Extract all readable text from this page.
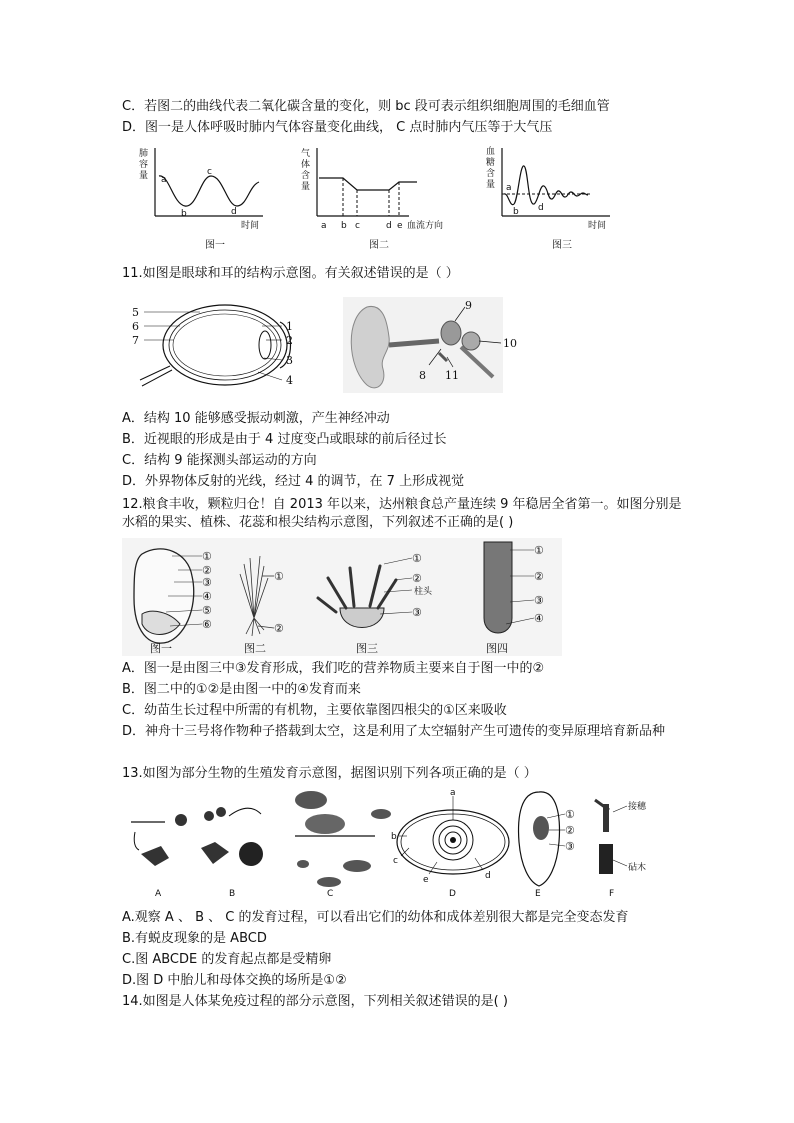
C．若图二的曲线代表二氧化碳含量的变化，则 bc 段可表示组织细胞周围的毛细血管
D．图一是人体呼吸时肺内气体容量变化曲线， C 点时肺内气压等于大气压
肺
容
量 a
b
c
d
时间
图一
气
体
含
量
a b c	d e 血流方向
图二
血
糖
含
量 a
b d
时间
图三
11.如图是眼球和耳的结构示意图。有关叙述错误的是（ ）
5
6
7
1
2
3
4
9
10
8 11
A．结构 10 能够感受振动刺激，产生神经冲动
B．近视眼的形成是由于 4 过度变凸或眼球的前后径过长
C．结构 9 能探测头部运动的方向
D．外界物体反射的光线，经过 4 的调节，在 7 上形成视觉
12.粮食丰收，颗粒归仓！自 2013 年以来，达州粮食总产量连续 9 年稳居全省第一。如图分别是水稻的果实、植株、花蕊和根尖结构示意图，下列叙述不正确的是( )
①
②
③
④
⑤
⑥
①
②
①
②
柱头
③
①
②
③
④
图一	图二	图三	图四
A．图一是由图三中③发育形成，我们吃的营养物质主要来自于图一中的②
B．图二中的①②是由图一中的④发育而来
C．幼苗生长过程中所需的有机物，主要依靠图四根尖的①区来吸收
D．神舟十三号将作物种子搭载到太空，这是利用了太空辐射产生可遗传的变异原理培育新品种
13.如图为部分生物的生殖发育示意图，据图识别下列各项正确的是（ ）
a
b
c
d
e
①
②
③
接穗
砧木
A	B	C	D	E	F
A.观察 A 、 B 、 C 的发育过程，可以看出它们的幼体和成体差别很大都是完全变态发育
B.有蜕皮现象的是 ABCD
C.图 ABCDE 的发育起点都是受精卵
D.图 D 中胎儿和母体交换的场所是①②
14.如图是人体某免疫过程的部分示意图，下列相关叙述错误的是( )
